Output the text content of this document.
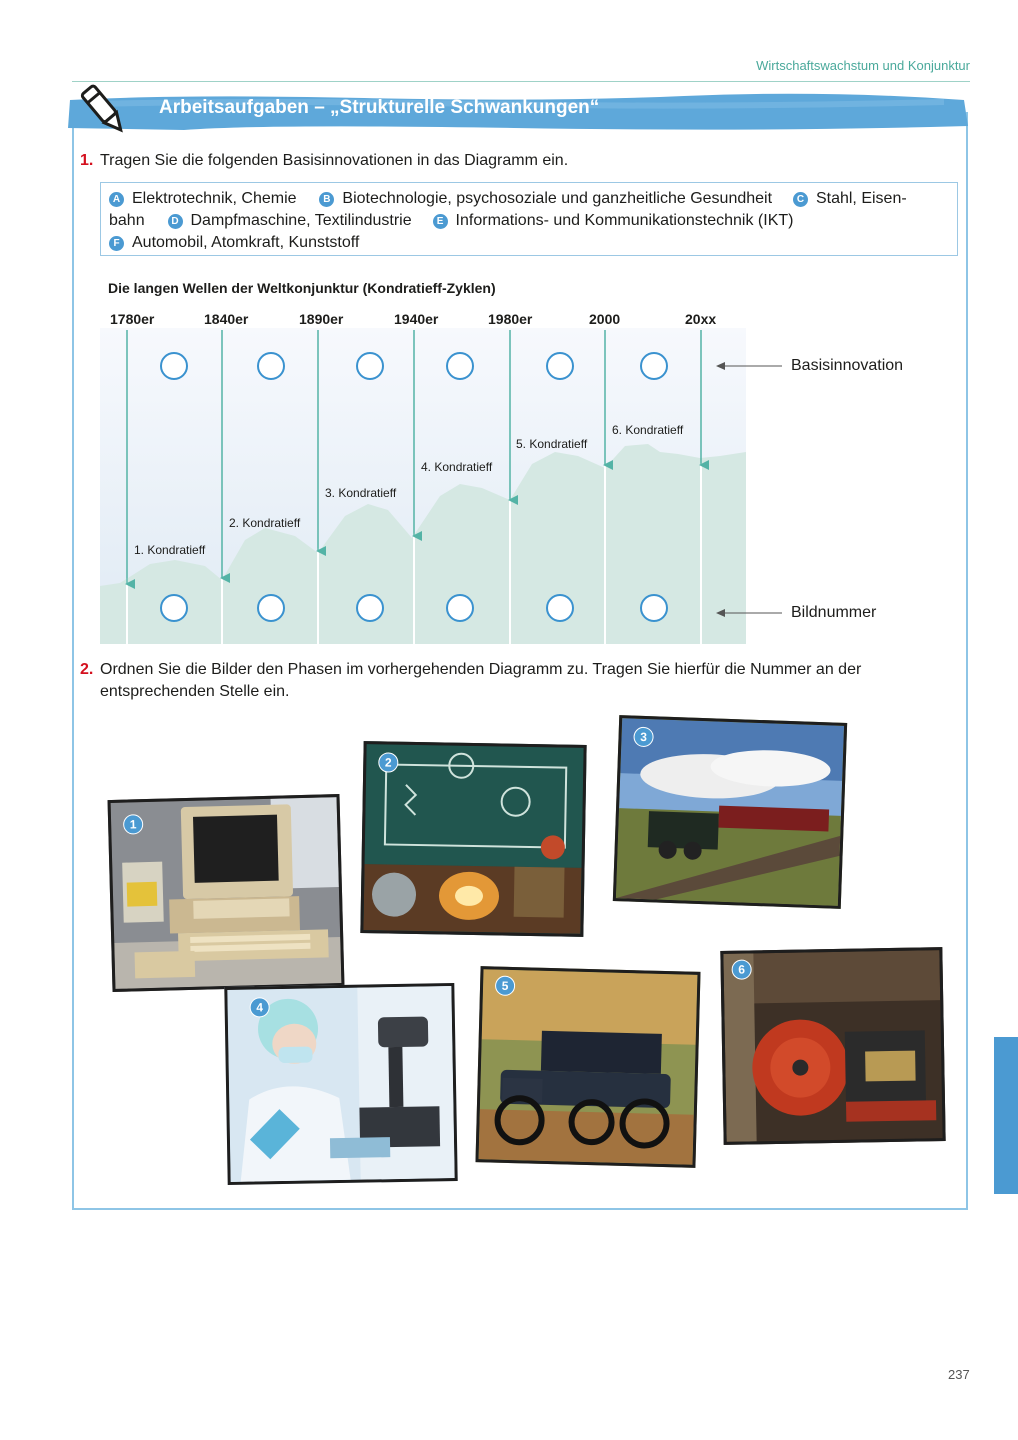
Wirtschaftswachstum und Konjunktur
Arbeitsaufgaben – „Strukturelle Schwankungen“
1. Tragen Sie die folgenden Basisinnovationen in das Diagramm ein.
A Elektrotechnik, Chemie	B Biotechnologie, psychosoziale und ganzheitliche Gesundheit C Stahl, Eisen-
bahn	D Dampfmaschine, Textilindustrie	E Informations- und Kommunikationstechnik (IKT)
F Automobil, Atomkraft, Kunststoff
Die langen Wellen der Weltkonjunktur (Kondratieff-Zyklen)
1780er	1840er	1890er	1940er	1980er	2000	20xx
1. Kondratieff
2. Kondratieff
3. Kondratieff
4. Kondratieff
5. Kondratieff
6. Kondratieff
Basisinnovation
Bildnummer
2. Ordnen Sie die Bilder den Phasen im vorhergehenden Diagramm zu. Tragen Sie hierfür die Nummer an der
entsprechenden Stelle ein.
1
2
3
4
5
6
237
